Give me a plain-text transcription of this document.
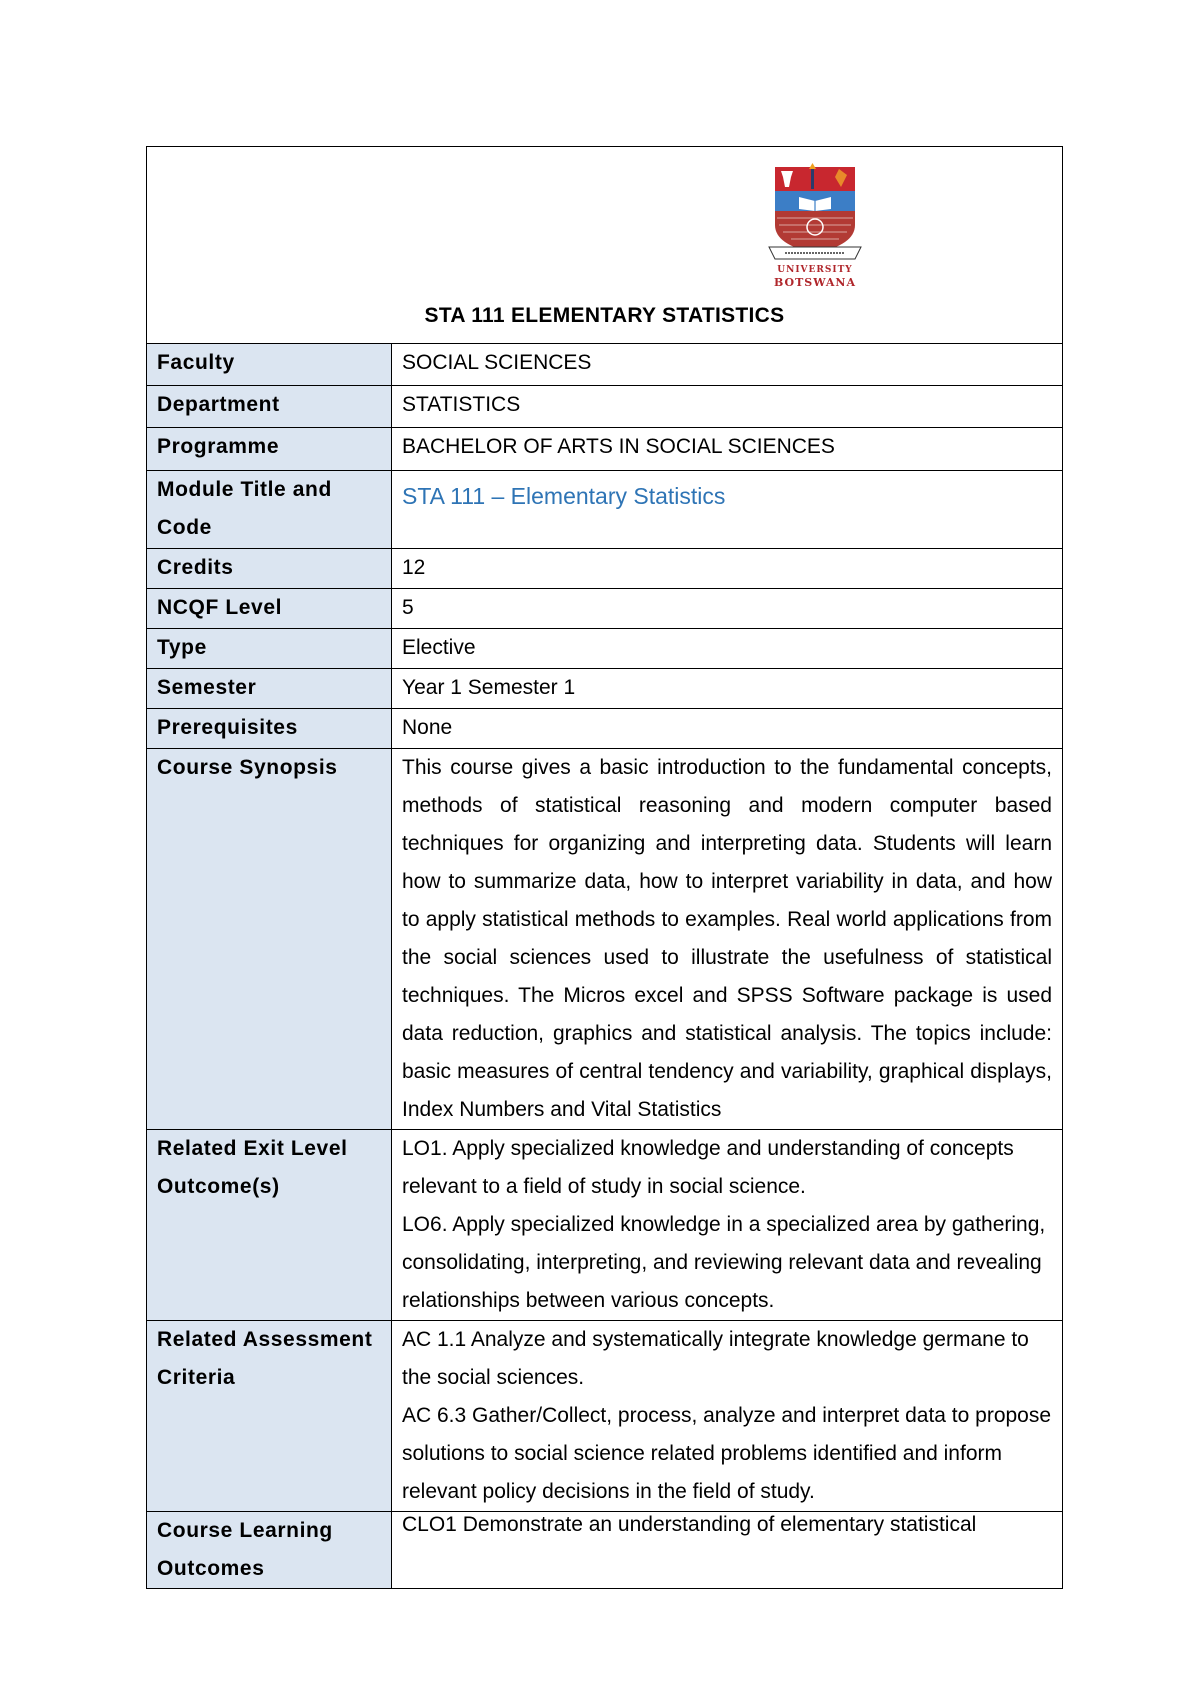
UNIVERSITY
BOTSWANA
STA 111 ELEMENTARY STATISTICS	

Faculty	SOCIAL SCIENCES
Department	STATISTICS
Programme	BACHELOR OF ARTS IN SOCIAL SCIENCES
Module Title and Code	STA 111 – Elementary Statistics
Credits	12
NCQF Level	5
Type	Elective
Semester	Year 1 Semester 1
Prerequisites	None
Course Synopsis	This course gives a basic introduction to the fundamental concepts, methods of statistical reasoning and modern computer based techniques for organizing and interpreting data. Students will learn how to summarize data, how to interpret variability in data, and how to apply statistical methods to examples. Real world applications from the social sciences used to illustrate the usefulness of statistical techniques. The Micros excel and SPSS Software package is used data reduction, graphics and statistical analysis. The topics include: basic measures of central tendency and variability, graphical displays, Index Numbers and Vital Statistics
Related Exit Level Outcome(s)	LO1. Apply specialized knowledge and understanding of concepts relevant to a field of study in social science.

LO6. Apply specialized knowledge in a specialized area by gathering, consolidating, interpreting, and reviewing relevant data and revealing relationships between various concepts.

Related Assessment Criteria	AC 1.1 Analyze and systematically integrate knowledge germane to the social sciences.

AC 6.3 Gather/Collect, process, analyze and interpret data to propose solutions to social science related problems identified and inform relevant policy decisions in the field of study.

Course Learning Outcomes	CLO1 Demonstrate an understanding of elementary statistical
